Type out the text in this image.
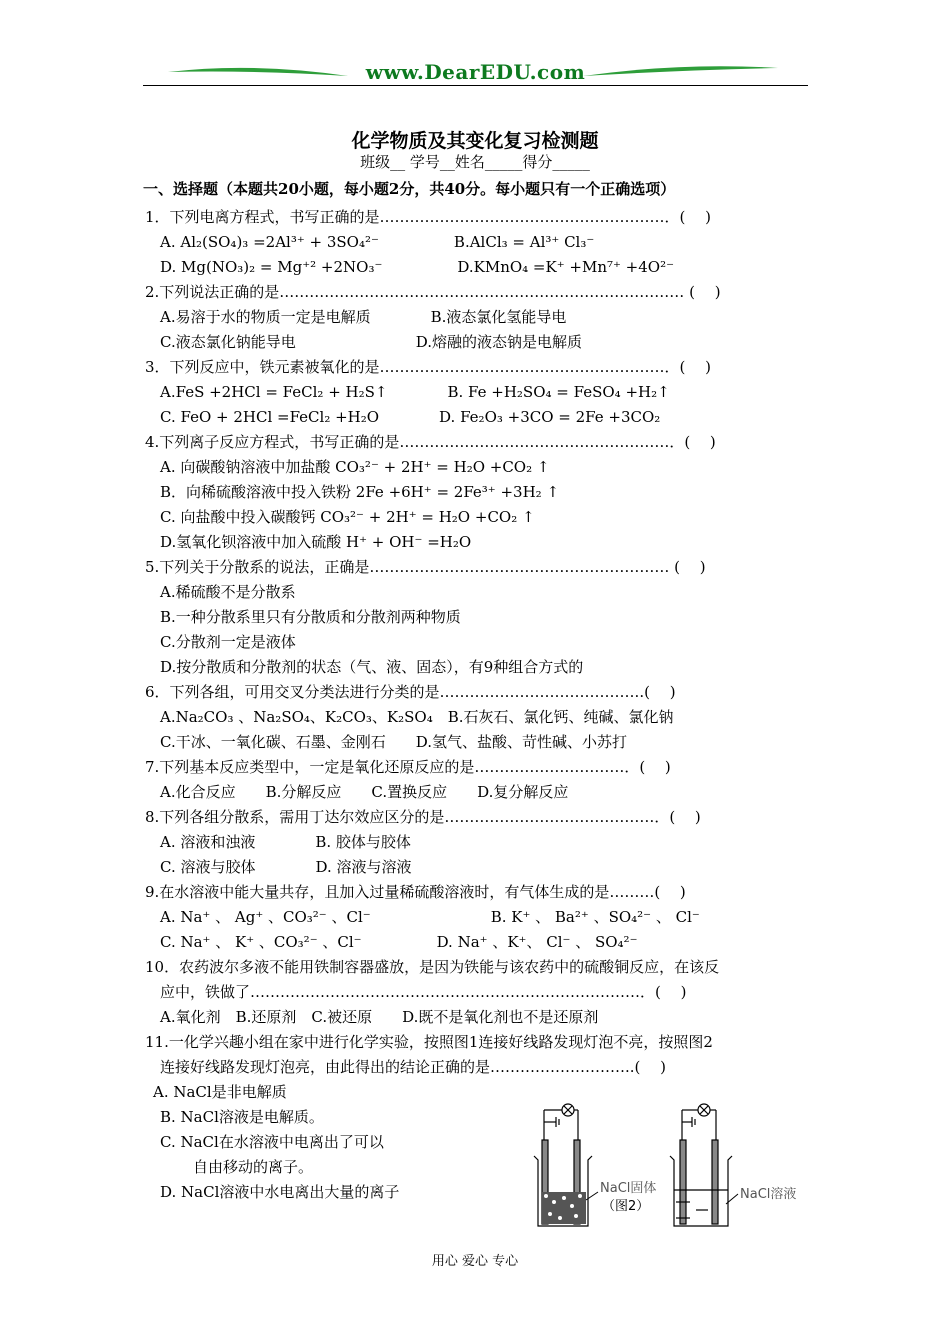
www.DearEDU.com
化学物质及其变化复习检测题
班级__ 学号__姓名_____得分_____
一、选择题（本题共20小题，每小题2分，共40分。每小题只有一个正确选项）
1．下列电离方程式，书写正确的是…………………………………………………．(　 )
A. Al₂(SO₄)₃ =2Al³⁺ + 3SO₄²⁻　　　　　B.AlCl₃ = Al³⁺ Cl₃⁻
D. Mg(NO₃)₂ = Mg⁺² +2NO₃⁻　　　　　D.KMnO₄ =K⁺ +Mn⁷⁺ +4O²⁻
2.下列说法正确的是……………………………………………………………………… (　 )
A.易溶于水的物质一定是电解质　　　　B.液态氯化氢能导电
C.液态氯化钠能导电　　　　　　　　D.熔融的液态钠是电解质
3．下列反应中，铁元素被氧化的是…………………………………………………．(　 )
A.FeS +2HCl = FeCl₂ + H₂S↑　　　　B. Fe +H₂SO₄ = FeSO₄ +H₂↑
C. FeO + 2HCl =FeCl₂ +H₂O　　　　D. Fe₂O₃ +3CO = 2Fe +3CO₂
4.下列离子反应方程式，书写正确的是………………………………………………．(　 )
A. 向碳酸钠溶液中加盐酸 CO₃²⁻ + 2H⁺ = H₂O +CO₂ ↑
B．向稀硫酸溶液中投入铁粉 2Fe +6H⁺ = 2Fe³⁺ +3H₂ ↑
C. 向盐酸中投入碳酸钙 CO₃²⁻ + 2H⁺ = H₂O +CO₂ ↑
D.氢氧化钡溶液中加入硫酸 H⁺ + OH⁻ =H₂O
5.下列关于分散系的说法，正确是…………………………………………………… (　 )
A.稀硫酸不是分散系
B.一种分散系里只有分散质和分散剂两种物质
C.分散剂一定是液体
D.按分散质和分散剂的状态（气、液、固态），有9种组合方式的
6．下列各组，可用交叉分类法进行分类的是…………………………………..(　 )
A.Na₂CO₃ 、Na₂SO₄、K₂CO₃、K₂SO₄　B.石灰石、氯化钙、纯碱、氯化钠
C.干冰、一氧化碳、石墨、金刚石　　D.氢气、盐酸、苛性碱、小苏打
7.下列基本反应类型中，一定是氧化还原反应的是…………………………．(　 )
A.化合反应　　B.分解反应　　C.置换反应　　D.复分解反应
8.下列各组分散系，需用丁达尔效应区分的是……………………………………．(　 )
A. 溶液和浊液　　　　B. 胶体与胶体
C. 溶液与胶体　　　　D. 溶液与溶液
9.在水溶液中能大量共存，且加入过量稀硫酸溶液时，有气体生成的是………(　 )
A. Na⁺ 、 Ag⁺ 、CO₃²⁻ 、Cl⁻　　　　　　　　B. K⁺ 、 Ba²⁺ 、SO₄²⁻ 、 Cl⁻
C. Na⁺ 、 K⁺ 、CO₃²⁻ 、Cl⁻　　　　　D. Na⁺ 、K⁺、 Cl⁻ 、 SO₄²⁻
10．农药波尔多液不能用铁制容器盛放，是因为铁能与该农药中的硫酸铜反应，在该反
应中，铁做了……………………………………………………………………．(　 )
A.氧化剂　B.还原剂　C.被还原　　D.既不是氧化剂也不是还原剂
11.一化学兴趣小组在家中进行化学实验，按照图1连接好线路发现灯泡不亮，按照图2
连接好线路发现灯泡亮，由此得出的结论正确的是………………………..(　 )
A. NaCl是非电解质
B. NaCl溶液是电解质。
C. NaCl在水溶液中电离出了可以
自由移动的离子。
D. NaCl溶液中水电离出大量的离子	NaCl固体
（图2）
NaCl溶液
用心 爱心 专心
